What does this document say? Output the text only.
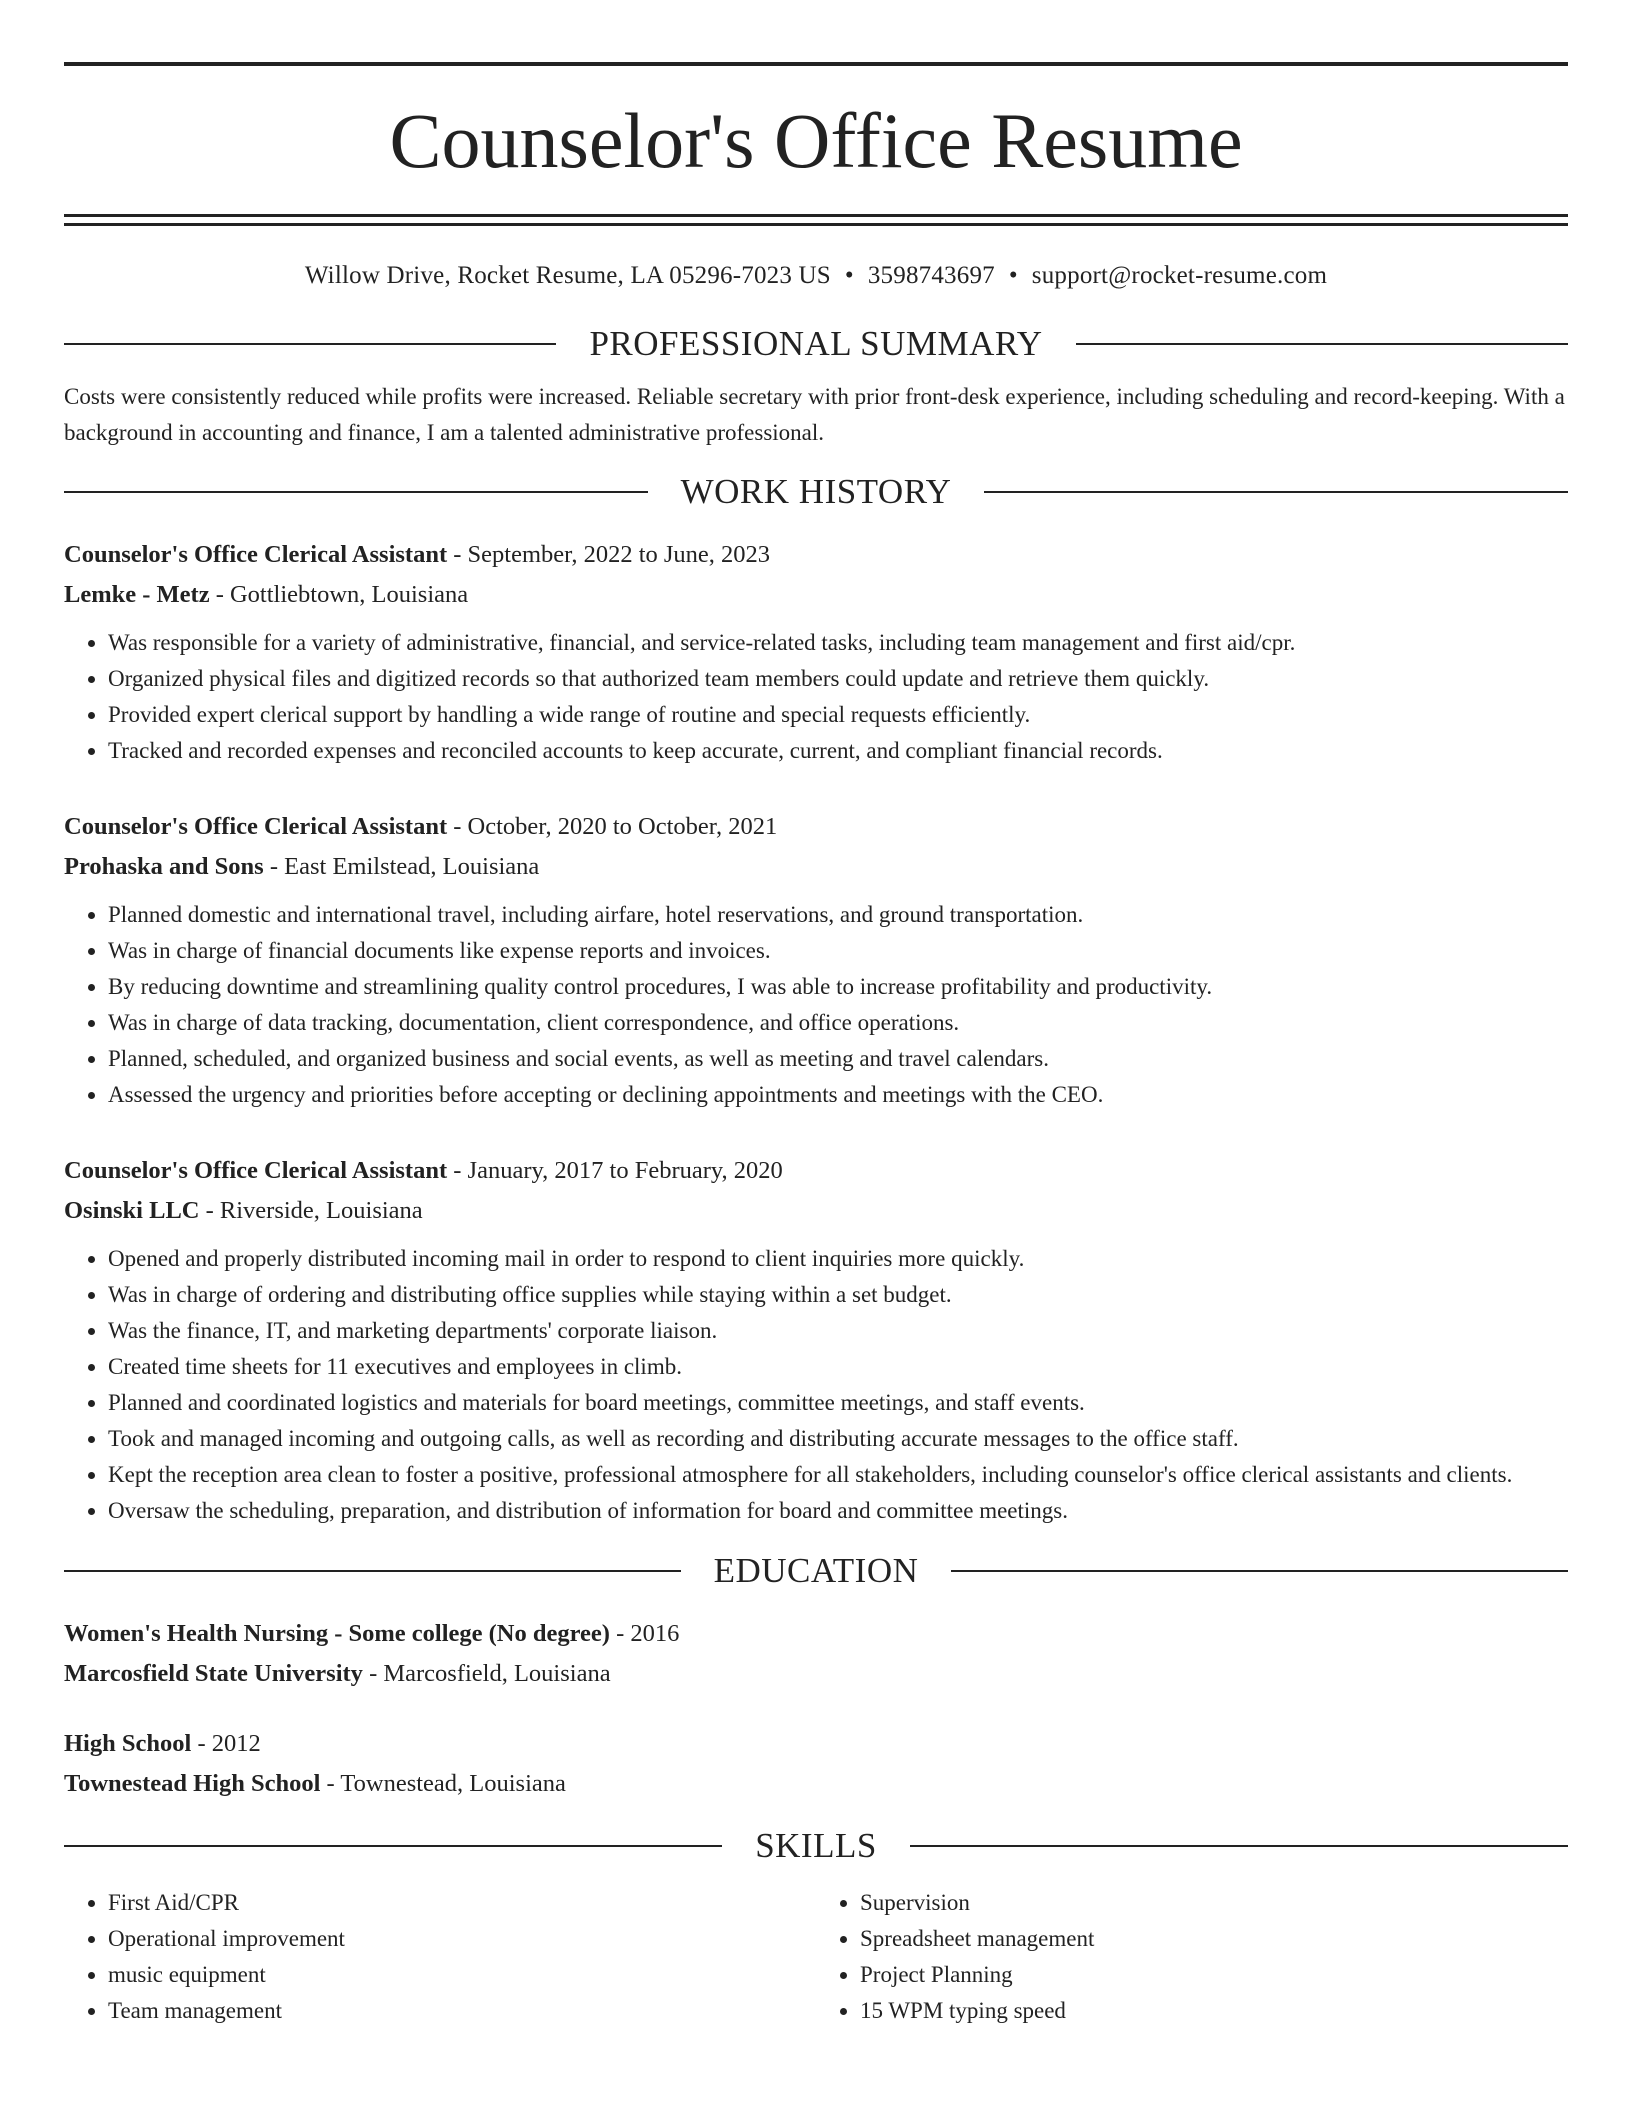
Counselor's Office Resume
Willow Drive, Rocket Resume, LA 05296-7023 US • 3598743697 • support@rocket-resume.com
PROFESSIONAL SUMMARY

Costs were consistently reduced while profits were increased. Reliable secretary with prior front-desk experience, including scheduling and record-keeping. With a background in accounting and finance, I am a talented administrative professional.

WORK HISTORY
Counselor's Office Clerical Assistant - September, 2022 to June, 2023
Lemke - Metz - Gottliebtown, Louisiana
• Was responsible for a variety of administrative, financial, and service-related tasks, including team management and first aid/cpr.
• Organized physical files and digitized records so that authorized team members could update and retrieve them quickly.
• Provided expert clerical support by handling a wide range of routine and special requests efficiently.
• Tracked and recorded expenses and reconciled accounts to keep accurate, current, and compliant financial records.
Counselor's Office Clerical Assistant - October, 2020 to October, 2021
Prohaska and Sons - East Emilstead, Louisiana
• Planned domestic and international travel, including airfare, hotel reservations, and ground transportation.
• Was in charge of financial documents like expense reports and invoices.
• By reducing downtime and streamlining quality control procedures, I was able to increase profitability and productivity.
• Was in charge of data tracking, documentation, client correspondence, and office operations.
• Planned, scheduled, and organized business and social events, as well as meeting and travel calendars.
• Assessed the urgency and priorities before accepting or declining appointments and meetings with the CEO.
Counselor's Office Clerical Assistant - January, 2017 to February, 2020
Osinski LLC - Riverside, Louisiana
• Opened and properly distributed incoming mail in order to respond to client inquiries more quickly.
• Was in charge of ordering and distributing office supplies while staying within a set budget.
• Was the finance, IT, and marketing departments' corporate liaison.
• Created time sheets for 11 executives and employees in climb.
• Planned and coordinated logistics and materials for board meetings, committee meetings, and staff events.
• Took and managed incoming and outgoing calls, as well as recording and distributing accurate messages to the office staff.
• Kept the reception area clean to foster a positive, professional atmosphere for all stakeholders, including counselor's office clerical assistants and clients.
• Oversaw the scheduling, preparation, and distribution of information for board and committee meetings.
EDUCATION
Women's Health Nursing - Some college (No degree) - 2016
Marcosfield State University - Marcosfield, Louisiana
High School - 2012
Townestead High School - Townestead, Louisiana
SKILLS
• First Aid/CPR
• Operational improvement
• music equipment
• Team management
• Supervision
• Spreadsheet management
• Project Planning
• 15 WPM typing speed
